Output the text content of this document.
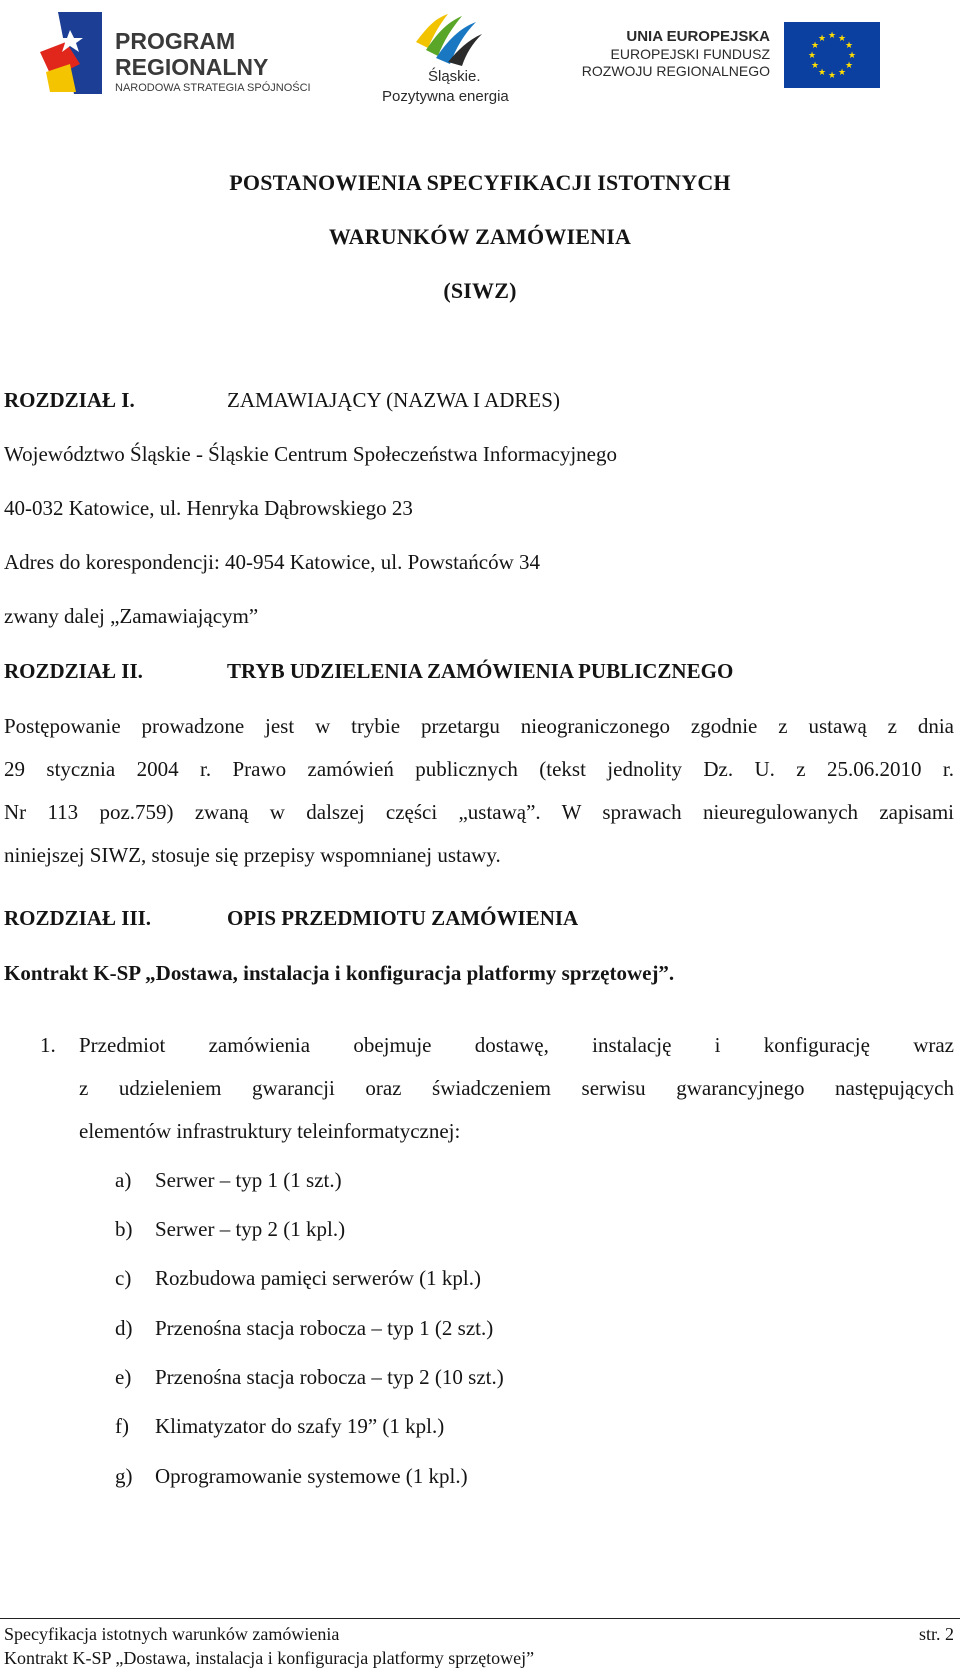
PROGRAM
REGIONALNY
NARODOWA STRATEGIA SPÓJNOŚCI
Śląskie.
Pozytywna energia
UNIA EUROPEJSKA
EUROPEJSKI FUNDUSZ
ROZWOJU REGIONALNEGO
★ ★
★
★
★
★
★
★
★
★
★
★
POSTANOWIENIA SPECYFIKACJI ISTOTNYCH
WARUNKÓW ZAMÓWIENIA
(SIWZ)
ROZDZIAŁ I.	ZAMAWIAJĄCY (NAZWA I ADRES)
Województwo Śląskie - Śląskie Centrum Społeczeństwa Informacyjnego
40-032 Katowice, ul. Henryka Dąbrowskiego 23
Adres do korespondencji: 40-954 Katowice, ul. Powstańców 34
zwany dalej „Zamawiającym”
ROZDZIAŁ II.	TRYB UDZIELENIA ZAMÓWIENIA PUBLICZNEGO
Postępowanie prowadzone jest w trybie przetargu nieograniczonego zgodnie z ustawą z dnia
29 stycznia 2004 r. Prawo zamówień publicznych (tekst jednolity Dz. U. z 25.06.2010 r.
Nr 113 poz.759) zwaną w dalszej części „ustawą”. W sprawach nieuregulowanych zapisami
niniejszej SIWZ, stosuje się przepisy wspomnianej ustawy.
ROZDZIAŁ III.	OPIS PRZEDMIOTU ZAMÓWIENIA
Kontrakt K-SP „Dostawa, instalacja i konfiguracja platformy sprzętowej”.
1. Przedmiot zamówienia obejmuje dostawę, instalację i konfigurację wraz
z udzieleniem gwarancji oraz świadczeniem serwisu gwarancyjnego następujących
elementów infrastruktury teleinformatycznej:
a) Serwer – typ 1 (1 szt.)
b) Serwer – typ 2 (1 kpl.)
c) Rozbudowa pamięci serwerów (1 kpl.)
d) Przenośna stacja robocza – typ 1 (2 szt.)
e) Przenośna stacja robocza – typ 2 (10 szt.)
f) Klimatyzator do szafy 19” (1 kpl.)
g) Oprogramowanie systemowe (1 kpl.)
Specyfikacja istotnych warunków zamówienia	str. 2
Kontrakt K-SP „Dostawa, instalacja i konfiguracja platformy sprzętowej”
